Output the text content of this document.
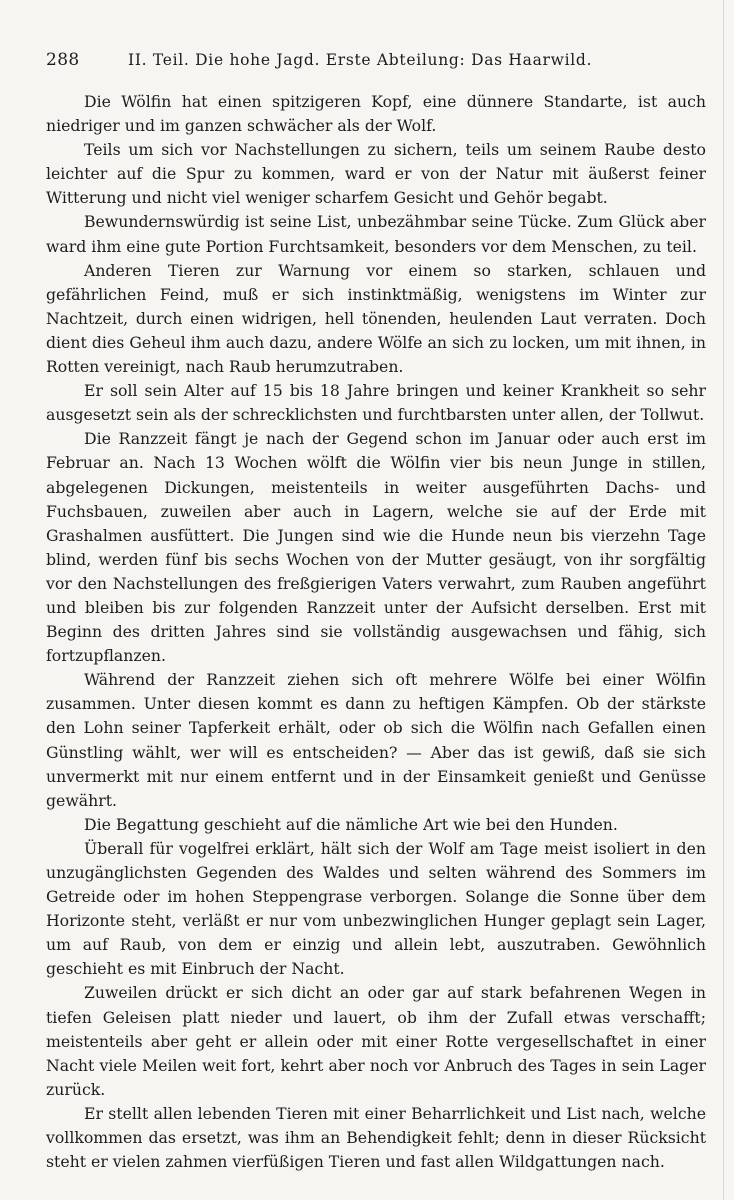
288	II. Teil. Die hohe Jagd. Erste Abteilung: Das Haarwild.

Die Wölfin hat einen spitzigeren Kopf, eine dünnere Standarte, ist auch niedriger und im ganzen schwächer als der Wolf.

Teils um sich vor Nachstellungen zu sichern, teils um seinem Raube desto leichter auf die Spur zu kommen, ward er von der Natur mit äußerst feiner Witterung und nicht viel weniger scharfem Gesicht und Gehör begabt.

Bewundernswürdig ist seine List, unbezähmbar seine Tücke. Zum Glück aber ward ihm eine gute Portion Furchtsamkeit, besonders vor dem Menschen, zu teil.

Anderen Tieren zur Warnung vor einem so starken, schlauen und gefährlichen Feind, muß er sich instinktmäßig, wenigstens im Winter zur Nachtzeit, durch einen widrigen, hell tönenden, heulenden Laut verraten. Doch dient dies Geheul ihm auch dazu, andere Wölfe an sich zu locken, um mit ihnen, in Rotten vereinigt, nach Raub herumzutraben.

Er soll sein Alter auf 15 bis 18 Jahre bringen und keiner Krankheit so sehr ausgesetzt sein als der schrecklichsten und furchtbarsten unter allen, der Tollwut.

Die Ranzzeit fängt je nach der Gegend schon im Januar oder auch erst im Februar an. Nach 13 Wochen wölft die Wölfin vier bis neun Junge in stillen, abgelegenen Dickungen, meistenteils in weiter ausgeführten Dachs- und Fuchsbauen, zuweilen aber auch in Lagern, welche sie auf der Erde mit Grashalmen ausfüttert. Die Jungen sind wie die Hunde neun bis vierzehn Tage blind, werden fünf bis sechs Wochen von der Mutter gesäugt, von ihr sorgfältig vor den Nachstellungen des freßgierigen Vaters verwahrt, zum Rauben angeführt und bleiben bis zur folgenden Ranzzeit unter der Aufsicht derselben. Erst mit Beginn des dritten Jahres sind sie vollständig ausgewachsen und fähig, sich fortzupflanzen.

Während der Ranzzeit ziehen sich oft mehrere Wölfe bei einer Wölfin zusammen. Unter diesen kommt es dann zu heftigen Kämpfen. Ob der stärkste den Lohn seiner Tapferkeit erhält, oder ob sich die Wölfin nach Gefallen einen Günstling wählt, wer will es entscheiden? — Aber das ist gewiß, daß sie sich unvermerkt mit nur einem entfernt und in der Einsamkeit genießt und Genüsse gewährt.

Die Begattung geschieht auf die nämliche Art wie bei den Hunden.

Überall für vogelfrei erklärt, hält sich der Wolf am Tage meist isoliert in den unzugänglichsten Gegenden des Waldes und selten während des Sommers im Getreide oder im hohen Steppengrase verborgen. Solange die Sonne über dem Horizonte steht, verläßt er nur vom unbezwinglichen Hunger geplagt sein Lager, um auf Raub, von dem er einzig und allein lebt, auszutraben. Gewöhnlich geschieht es mit Einbruch der Nacht.

Zuweilen drückt er sich dicht an oder gar auf stark befahrenen Wegen in tiefen Geleisen platt nieder und lauert, ob ihm der Zufall etwas verschafft; meistenteils aber geht er allein oder mit einer Rotte vergesellschaftet in einer Nacht viele Meilen weit fort, kehrt aber noch vor Anbruch des Tages in sein Lager zurück.

Er stellt allen lebenden Tieren mit einer Beharrlichkeit und List nach, welche vollkommen das ersetzt, was ihm an Behendigkeit fehlt; denn in dieser Rücksicht steht er vielen zahmen vierfüßigen Tieren und fast allen Wildgattungen nach.
